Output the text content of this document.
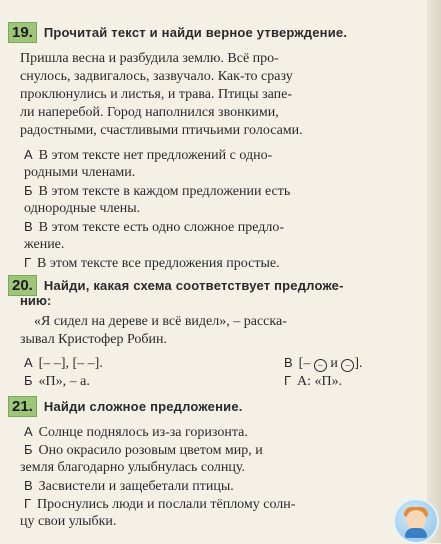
19. Прочитай текст и найди верное утверждение.
Пришла весна и разбудила землю. Всё про-
снулось, задвигалось, зазвучало. Как-то сразу
проклюнулись и листья, и трава. Птицы запе-
ли наперебой. Город наполнился звонкими,
радостными, счастливыми птичьими голосами.
А В этом тексте нет предложений с одно-
родными членами.
Б В этом тексте в каждом предложении есть
однородные члены.
В В этом тексте есть одно сложное предло-
жение.
Г В этом тексте все предложения простые.
20. Найди, какая схема соответствует предложе-
нию:
«Я сидел на дереве и всё видел», – расска-
зывал Кристофер Робин.
А [– –], [– –].
Б «П», – а.
В [– – и – ].
Г А: «П».
21. Найди сложное предложение.
А Солнце поднялось из-за горизонта.
Б Оно окрасило розовым цветом мир, и
земля благодарно улыбнулась солнцу.
В Засвистели и защебетали птицы.
Г Проснулись люди и послали тёплому солн-
цу свои улыбки.
